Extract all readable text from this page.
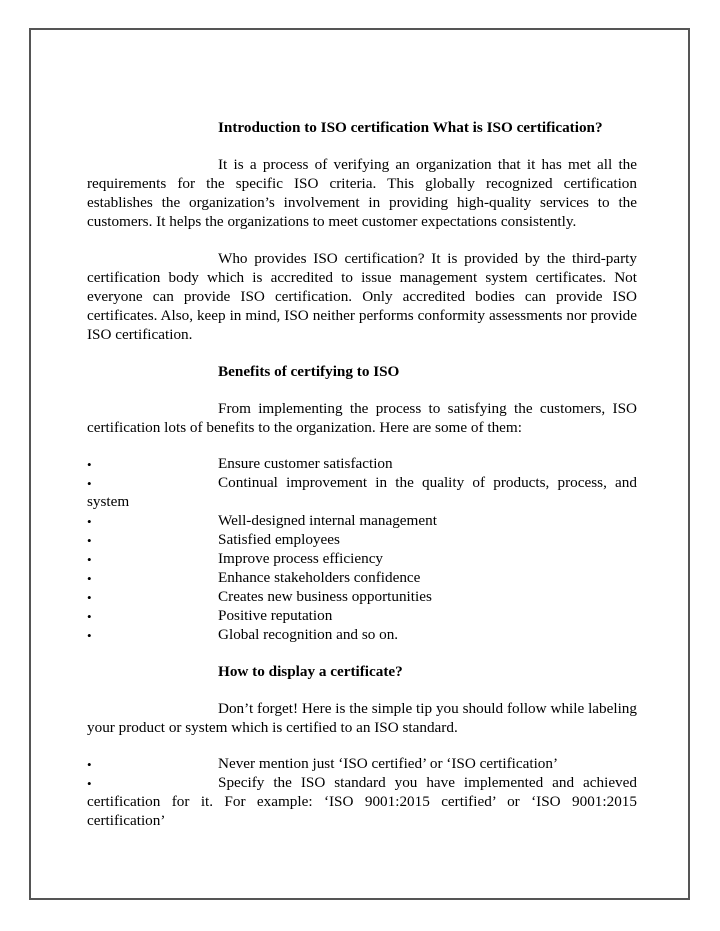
Introduction to ISO certification What is ISO certification?

It is a process of verifying an organization that it has met all the requirements for the specific ISO criteria. This globally recognized certification establishes the organization’s involvement in providing high-quality services to the customers. It helps the organizations to meet customer expectations consistently.

Who provides ISO certification? It is provided by the third-party certification body which is accredited to issue management system certificates. Not everyone can provide ISO certification. Only accredited bodies can provide ISO certificates. Also, keep in mind, ISO neither performs conformity assessments nor provide ISO certification.

Benefits of certifying to ISO

From implementing the process to satisfying the customers, ISO certification lots of benefits to the organization. Here are some of them:

• Ensure customer satisfaction
• Continual improvement in the quality of products, process, and system
• Well-designed internal management
• Satisfied employees
• Improve process efficiency
• Enhance stakeholders confidence
• Creates new business opportunities
• Positive reputation
• Global recognition and so on.
How to display a certificate?

Don’t forget! Here is the simple tip you should follow while labeling your product or system which is certified to an ISO standard.

• Never mention just ‘ISO certified’ or ‘ISO certification’
• Specify the ISO standard you have implemented and achieved certification for it. For example: ‘ISO 9001:2015 certified’ or ‘ISO 9001:2015 certification’
